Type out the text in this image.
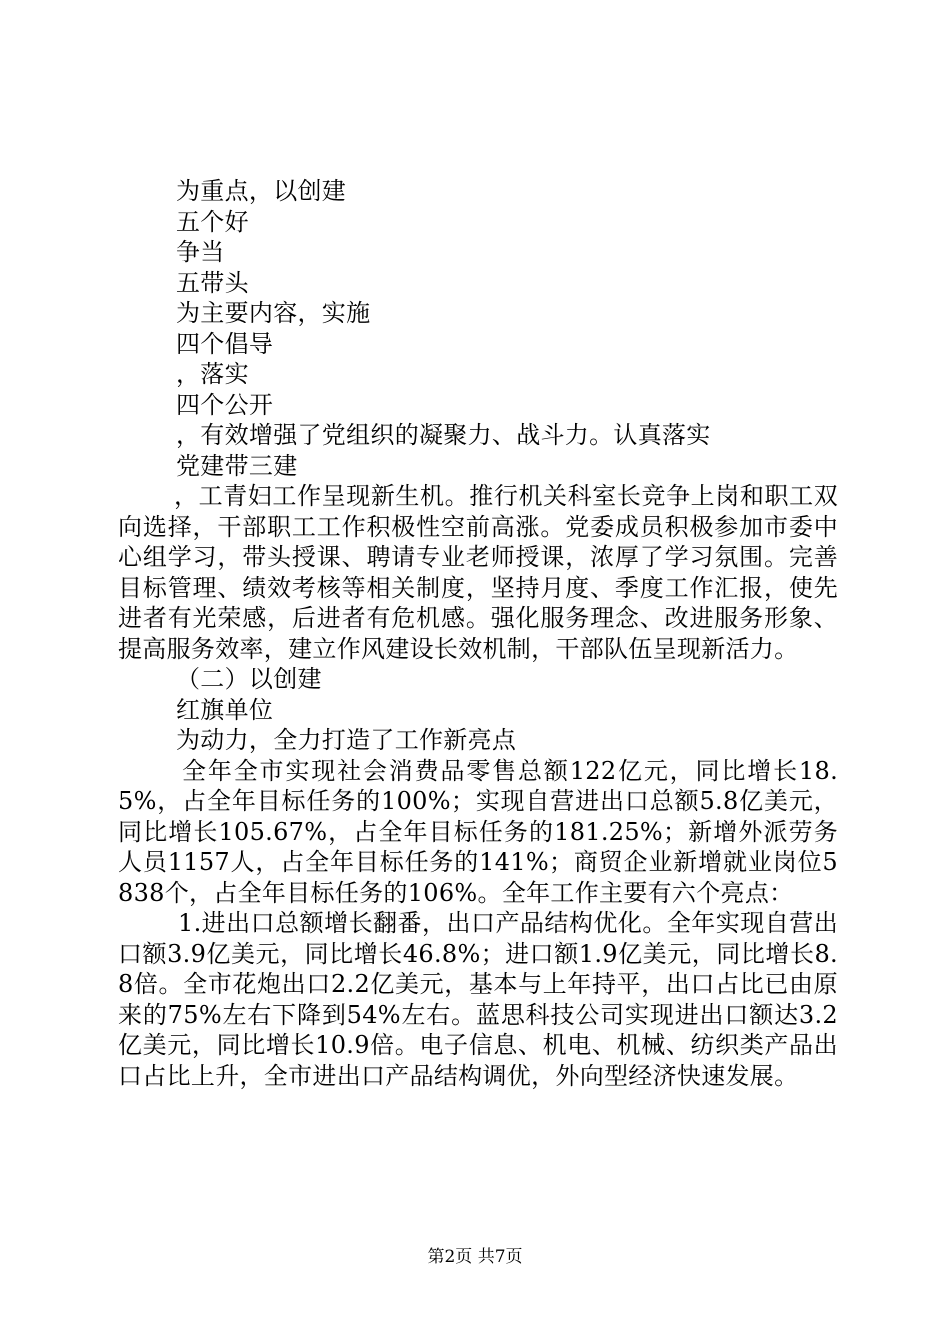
为重点，以创建
五个好
争当
五带头
为主要内容，实施
四个倡导
，落实
四个公开
，有效增强了党组织的凝聚力、战斗力。认真落实
党建带三建

，工青妇工作呈现新生机。推行机关科室长竞争上岗和职工双向选择，干部职工工作积极性空前高涨。党委成员积极参加市委中心组学习，带头授课、聘请专业老师授课，浓厚了学习氛围。完善目标管理、绩效考核等相关制度，坚持月度、季度工作汇报，使先进者有光荣感，后进者有危机感。强化服务理念、改进服务形象、提高服务效率，建立作风建设长效机制，干部队伍呈现新活力。

（二）以创建
红旗单位
为动力，全力打造了工作新亮点

全年全市实现社会消费品零售总额122亿元，同比增长18.5%，占全年目标任务的100%；实现自营进出口总额5.8亿美元，同比增长105.67%，占全年目标任务的181.25%；新增外派劳务人员1157人，占全年目标任务的141%；商贸企业新增就业岗位5838个，占全年目标任务的106%。全年工作主要有六个亮点：

1.进出口总额增长翻番，出口产品结构优化。全年实现自营出口额3.9亿美元，同比增长46.8%；进口额1.9亿美元，同比增长8.8倍。全市花炮出口2.2亿美元，基本与上年持平，出口占比已由原来的75%左右下降到54%左右。蓝思科技公司实现进出口额达3.2亿美元，同比增长10.9倍。电子信息、机电、机械、纺织类产品出口占比上升，全市进出口产品结构调优，外向型经济快速发展。

第2页 共7页
